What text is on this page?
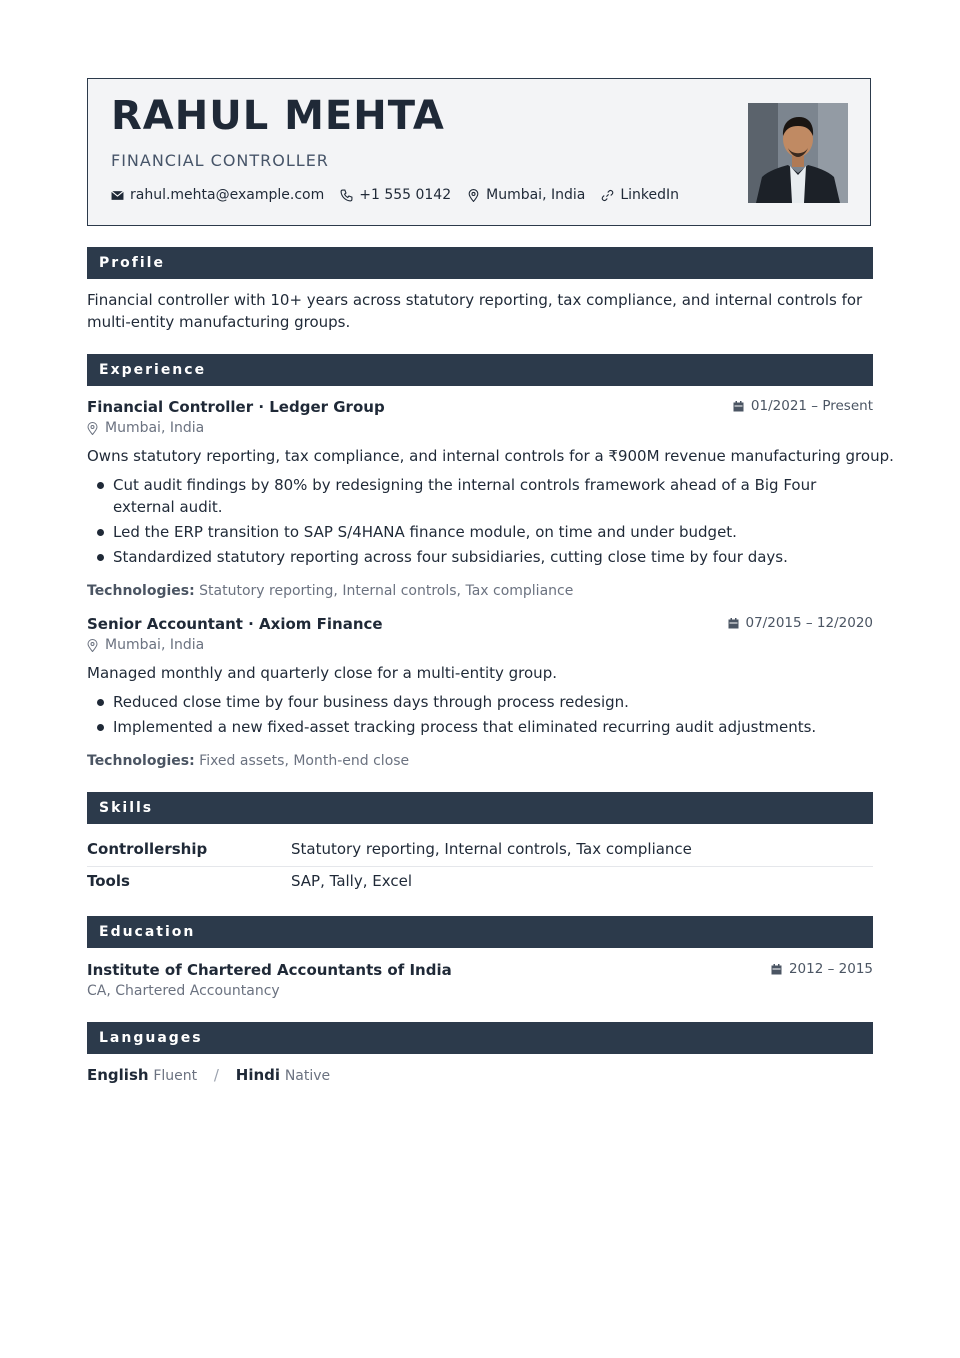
RAHUL MEHTA
FINANCIAL CONTROLLER
rahul.mehta@example.com	+1 555 0142	Mumbai, India	LinkedIn
Profile
Financial controller with 10+ years across statutory reporting, tax compliance, and internal controls for
multi-entity manufacturing groups.
Experience
Financial Controller · Ledger Group	01/2021 – Present
Mumbai, India
Owns statutory reporting, tax compliance, and internal controls for a ₹900M revenue manufacturing group.
Cut audit findings by 80% by redesigning the internal controls framework ahead of a Big Four external audit.
Led the ERP transition to SAP S/4HANA finance module, on time and under budget.
Standardized statutory reporting across four subsidiaries, cutting close time by four days.
Technologies: Statutory reporting, Internal controls, Tax compliance
Senior Accountant · Axiom Finance	07/2015 – 12/2020
Mumbai, India
Managed monthly and quarterly close for a multi-entity group.
Reduced close time by four business days through process redesign.
Implemented a new fixed-asset tracking process that eliminated recurring audit adjustments.
Technologies: Fixed assets, Month-end close
Skills
Controllership	Statutory reporting, Internal controls, Tax compliance
Tools	SAP, Tally, Excel
Education
Institute of Chartered Accountants of India	2012 – 2015
CA, Chartered Accountancy
Languages
English Fluent / Hindi Native
